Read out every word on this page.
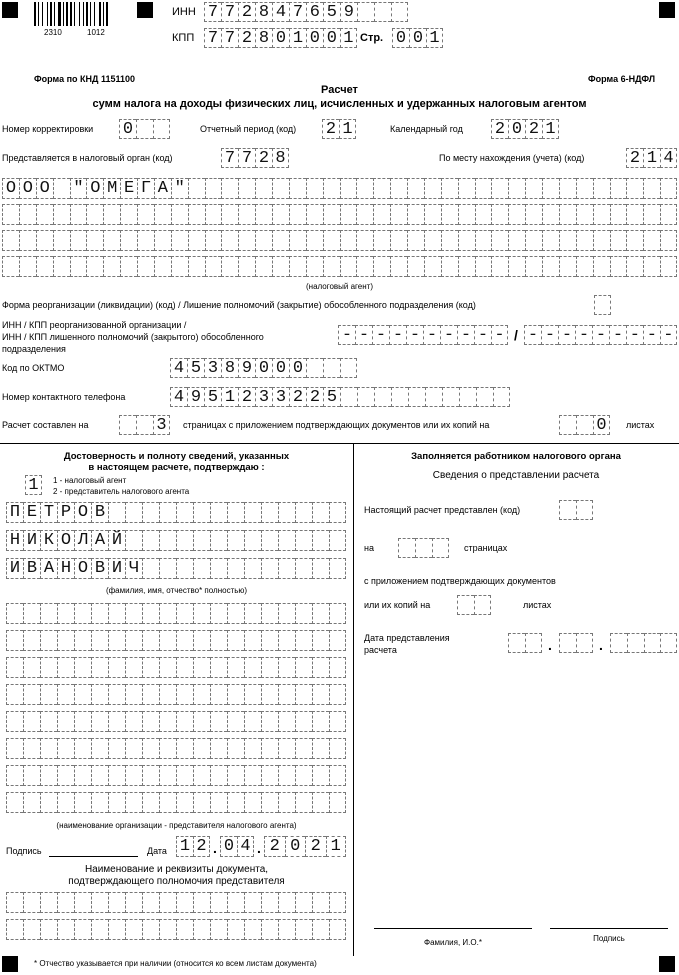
2310	1012
ИНН 7 7 2 8 4 7 6 5 9
КПП 7 7 2 8 0 1 0 0 1 Стр. 0 0 1
Форма по КНД 1151100	Форма 6-НДФЛ
Расчет
сумм налога на доходы физических лиц, исчисленных и удержанных налоговым агентом
Номер корректировки 0	Отчетный период (код) 2 1	Календарный год 2 0 2 1
Представляется в налоговый орган (код)	7 7 2 8	По месту нахождения (учета) (код)	2 1 4
О О О " О М Е Г А "
(налоговый агент)
Форма реорганизации (ликвидации) (код) / Лишение полномочий (закрытие) обособленного подразделения (код)
ИНН / КПП реорганизованной организации /
ИНН / КПП лишенного полномочий (закрытого) обособленного
подразделения
- - - - - - - - - - / - - - - - - - - -
Код по ОКТМО	4 5 3 8 9 0 0 0
Номер контактного телефона	4 9 5 1 2 3 3 2 2 5
Расчет составлен на	3	страницах с приложением подтверждающих документов или их копий на	0	листах
Достоверность и полноту сведений, указанных
в настоящем расчете, подтверждаю :
1	1 - налоговый агент
2 - представитель налогового агента
П Е Т Р О В
Н И К О Л А Й
И В А Н О В И Ч
(фамилия, имя, отчество* полностью)
(наименование организации - представителя налогового агента)
Подпись	Дата 1 2 . 0 4 . 2 0 2 1
Наименование и реквизиты документа,
подтверждающего полномочия представителя
Заполняется работником налогового органа
Сведения о представлении расчета
Настоящий расчет представлен (код)
на	страницах
с приложением подтверждающих документов
или их копий на	листах
Дата представления
расчета	.	.
Фамилия, И.О.*	Подпись
* Отчество указывается при наличии (относится ко всем листам документа)
